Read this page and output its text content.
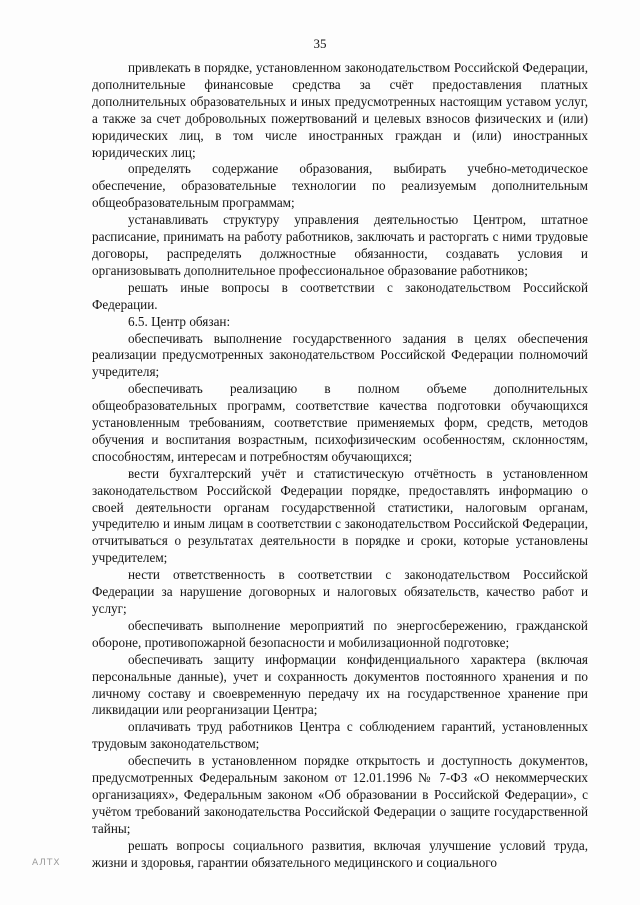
35

привлекать в порядке, установленном законодательством Российской Федерации, дополнительные финансовые средства за счёт предоставления платных дополнительных образовательных и иных предусмотренных настоящим уставом услуг, а также за счет добровольных пожертвований и целевых взносов физических и (или) юридических лиц, в том числе иностранных граждан и (или) иностранных юридических лиц;

определять содержание образования, выбирать учебно-методическое обеспечение, образовательные технологии по реализуемым дополнительным общеобразовательным программам;

устанавливать структуру управления деятельностью Центром, штатное расписание, принимать на работу работников, заключать и расторгать с ними трудовые договоры, распределять должностные обязанности, создавать условия и организовывать дополнительное профессиональное образование работников;

решать иные вопросы в соответствии с законодательством Российской Федерации.

6.5. Центр обязан:

обеспечивать выполнение государственного задания в целях обеспечения реализации предусмотренных законодательством Российской Федерации полномочий учредителя;

обеспечивать реализацию в полном объеме дополнительных общеобразовательных программ, соответствие качества подготовки обучающихся установленным требованиям, соответствие применяемых форм, средств, методов обучения и воспитания возрастным, психофизическим особенностям, склонностям, способностям, интересам и потребностям обучающихся;

вести бухгалтерский учёт и статистическую отчётность в установленном законодательством Российской Федерации порядке, предоставлять информацию о своей деятельности органам государственной статистики, налоговым органам, учредителю и иным лицам в соответствии с законодательством Российской Федерации, отчитываться о результатах деятельности в порядке и сроки, которые установлены учредителем;

нести ответственность в соответствии с законодательством Российской Федерации за нарушение договорных и налоговых обязательств, качество работ и услуг;

обеспечивать выполнение мероприятий по энергосбережению, гражданской обороне, противопожарной безопасности и мобилизационной подготовке;

обеспечивать защиту информации конфиденциального характера (включая персональные данные), учет и сохранность документов постоянного хранения и по личному составу и своевременную передачу их на государственное хранение при ликвидации или реорганизации Центра;

оплачивать труд работников Центра с соблюдением гарантий, установленных трудовым законодательством;

обеспечить в установленном порядке открытость и доступность документов, предусмотренных Федеральным законом от 12.01.1996 № 7-ФЗ «О некоммерческих организациях», Федеральным законом «Об образовании в Российской Федерации», с учётом требований законодательства Российской Федерации о защите государственной тайны;

решать вопросы социального развития, включая улучшение условий труда, жизни и здоровья, гарантии обязательного медицинского и социального

АЛТХ
